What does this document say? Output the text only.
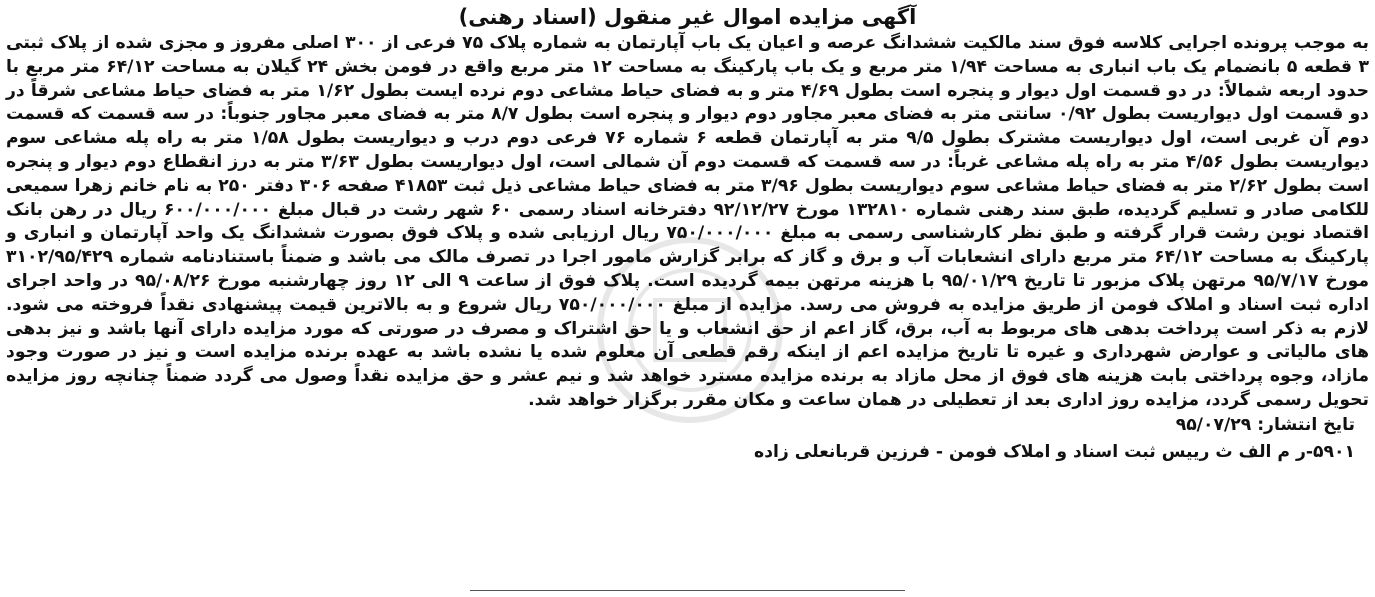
آگهی مزایده اموال غیر منقول (اسناد رهنی)

به موجب پرونده اجرایی کلاسه فوق سند مالکیت ششدانگ عرصه و اعیان یک باب آپارتمان به شماره پلاک ۷۵ فرعی از ۳۰۰ اصلی مفروز و مجزی شده از پلاک ثبتی ۳ قطعه ۵ بانضمام یک باب انباری به مساحت ۱/۹۴ متر مربع و یک باب پارکینگ به مساحت ۱۲ متر مربع واقع در فومن بخش ۲۴ گیلان به مساحت ۶۴/۱۲ متر مربع با حدود اربعه شمالاً: در دو قسمت اول دیوار و پنجره است بطول ۴/۶۹ متر و به فضای حیاط مشاعی دوم نرده ایست بطول ۱/۶۲ متر به فضای حیاط مشاعی شرقاً در دو قسمت اول دیواریست بطول ۰/۹۲ سانتی متر به فضای معبر مجاور دوم دیوار و پنجره است بطول ۸/۷ متر به فضای معبر مجاور جنوباً: در سه قسمت که قسمت دوم آن غربی است، اول دیواریست مشترک بطول ۹/۵ متر به آپارتمان قطعه ۶ شماره ۷۶ فرعی دوم درب و دیواریست بطول ۱/۵۸ متر به راه پله مشاعی سوم دیواریست بطول ۴/۵۶ متر به راه پله مشاعی غرباً: در سه قسمت که قسمت دوم آن شمالی است، اول دیواریست بطول ۳/۶۳ متر به درز انقطاع دوم دیوار و پنجره است بطول ۲/۶۲ متر به فضای حیاط مشاعی سوم دیواریست بطول ۳/۹۶ متر به فضای حیاط مشاعی ذیل ثبت ۴۱۸۵۳ صفحه ۳۰۶ دفتر ۲۵۰ به نام خانم زهرا سمیعی للکامی صادر و تسلیم گردیده، طبق سند رهنی شماره ۱۳۲۸۱۰ مورخ ۹۲/۱۲/۲۷ دفترخانه اسناد رسمی ۶۰ شهر رشت در قبال مبلغ ۶۰۰/۰۰۰/۰۰۰ ریال در رهن بانک اقتصاد نوین رشت قرار گرفته و طبق نظر کارشناسی رسمی به مبلغ ۷۵۰/۰۰۰/۰۰۰ ریال ارزیابی شده و پلاک فوق بصورت ششدانگ یک واحد آپارتمان و انباری و پارکینگ به مساحت ۶۴/۱۲ متر مربع دارای انشعابات آب و برق و گاز که برابر گزارش مامور اجرا در تصرف مالک می باشد و ضمناً باستنادنامه شماره ۳۱۰۲/۹۵/۴۲۹ مورخ ۹۵/۷/۱۷ مرتهن پلاک مزبور تا تاریخ ۹۵/۰۱/۲۹ با هزینه مرتهن بیمه گردیده است. پلاک فوق از ساعت ۹ الی ۱۲ روز چهارشنبه مورخ ۹۵/۰۸/۲۶ در واحد اجرای اداره ثبت اسناد و املاک فومن از طریق مزایده به فروش می رسد. مزایده از مبلغ ۷۵۰/۰۰۰/۰۰۰ ریال شروع و به بالاترین قیمت پیشنهادی نقداً فروخته می شود. لازم به ذکر است پرداخت بدهی های مربوط به آب، برق، گاز اعم از حق انشعاب و یا حق اشتراک و مصرف در صورتی که مورد مزایده دارای آنها باشد و نیز بدهی های مالیاتی و عوارض شهرداری و غیره تا تاریخ مزایده اعم از اینکه رقم قطعی آن معلوم شده یا نشده باشد به عهده برنده مزایده است و نیز در صورت وجود مازاد، وجوه پرداختی بابت هزینه های فوق از محل مازاد به برنده مزایده مسترد خواهد شد و نیم عشر و حق مزایده نقداً وصول می گردد ضمناً چنانچه روز مزایده تحویل رسمی گردد، مزایده روز اداری بعد از تعطیلی در همان ساعت و مکان مقرر برگزار خواهد شد.

تایخ انتشار: ۹۵/۰۷/۲۹
۵۹۰۱-ر م الف ث رییس ثبت اسناد و املاک فومن - فرزین قربانعلی زاده
